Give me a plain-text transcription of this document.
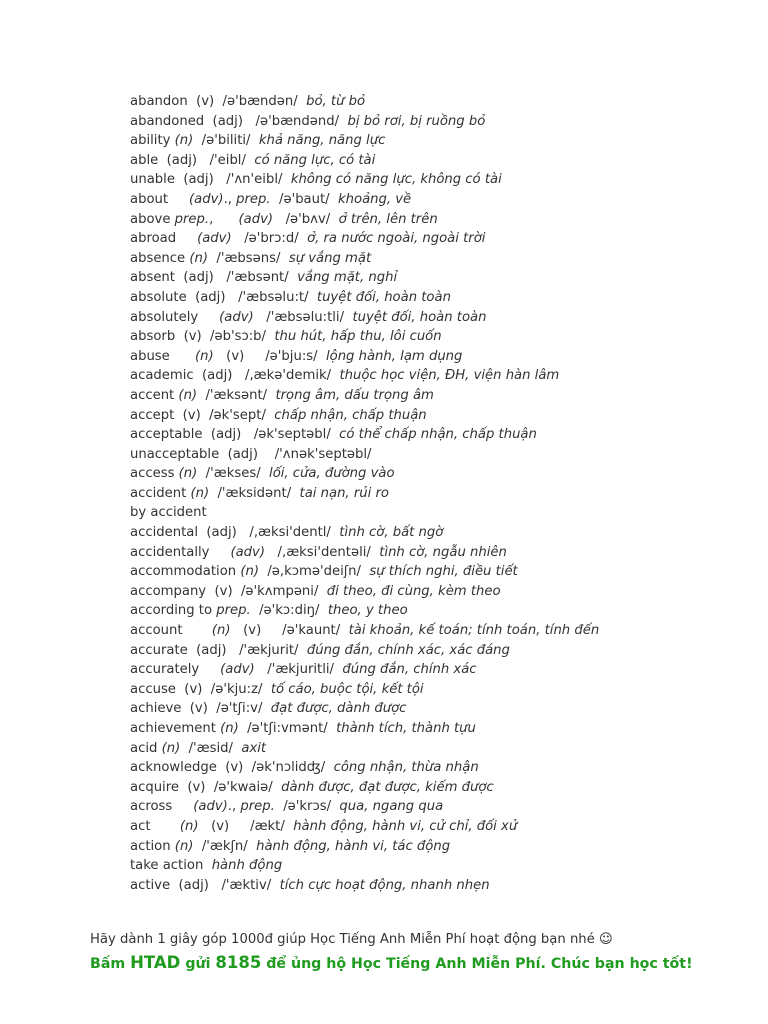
abandon  (v)  /ə'bændən/  bỏ, từ bỏ
abandoned  (adj)   /ə'bændənd/  bị bỏ rơi, bị ruồng bỏ
ability (n)  /ə'biliti/  khả năng, năng lực
able  (adj)   /'eibl/  có năng lực, có tài
unable  (adj)   /'ʌn'eibl/  không có năng lực, không có tài
about     (adv)., prep.  /ə'baut/  khoảng, về
above prep.,      (adv)   /ə'bʌv/  ở trên, lên trên
abroad     (adv)   /ə'brɔ:d/  ở, ra nước ngoài, ngoài trời
absence (n)  /'æbsəns/  sự vắng mặt
absent  (adj)   /'æbsənt/  vắng mặt, nghỉ
absolute  (adj)   /'æbsəlu:t/  tuyệt đối, hoàn toàn
absolutely     (adv)   /'æbsəlu:tli/  tuyệt đối, hoàn toàn
absorb  (v)  /əb'sɔ:b/  thu hút, hấp thu, lôi cuốn
abuse      (n)   (v)     /ə'bju:s/  lộng hành, lạm dụng
academic  (adj)   /,ækə'demik/  thuộc học viện, ĐH, viện hàn lâm
accent (n)  /'æksənt/  trọng âm, dấu trọng âm
accept  (v)  /ək'sept/  chấp nhận, chấp thuận
acceptable  (adj)   /ək'septəbl/  có thể chấp nhận, chấp thuận
unacceptable  (adj)    /'ʌnək'septəbl/
access (n)  /'ækses/  lối, cửa, đường vào
accident (n)  /'æksidənt/  tai nạn, rủi ro
by accident
accidental  (adj)   /,æksi'dentl/  tình cờ, bất ngờ
accidentally     (adv)   /,æksi'dentəli/  tình cờ, ngẫu nhiên
accommodation (n)  /ə,kɔmə'deiʃn/  sự thích nghi, điều tiết
accompany  (v)  /ə'kʌmpəni/  đi theo, đi cùng, kèm theo
according to prep.  /ə'kɔ:diŋ/  theo, y theo
account       (n)   (v)     /ə'kaunt/  tài khoản, kế toán; tính toán, tính đến
accurate  (adj)   /'ækjurit/  đúng đắn, chính xác, xác đáng
accurately     (adv)   /'ækjuritli/  đúng đắn, chính xác
accuse  (v)  /ə'kju:z/  tố cáo, buộc tội, kết tội
achieve  (v)  /ə'tʃi:v/  đạt được, dành được
achievement (n)  /ə'tʃi:vmənt/  thành tích, thành tựu
acid (n)  /'æsid/  axit
acknowledge  (v)  /ək'nɔlidʤ/  công nhận, thừa nhận
acquire  (v)  /ə'kwaiə/  dành được, đạt được, kiếm được
across     (adv)., prep.  /ə'krɔs/  qua, ngang qua
act       (n)   (v)     /ækt/  hành động, hành vi, cử chỉ, đối xử
action (n)  /'ækʃn/  hành động, hành vi, tác động
take action  hành động
active  (adj)   /'æktiv/  tích cực hoạt động, nhanh nhẹn
Hãy dành 1 giây góp 1000đ giúp Học Tiếng Anh Miễn Phí hoạt động bạn nhé ☺
Bấm HTAD gửi 8185 để ủng hộ Học Tiếng Anh Miễn Phí. Chúc bạn học tốt!
